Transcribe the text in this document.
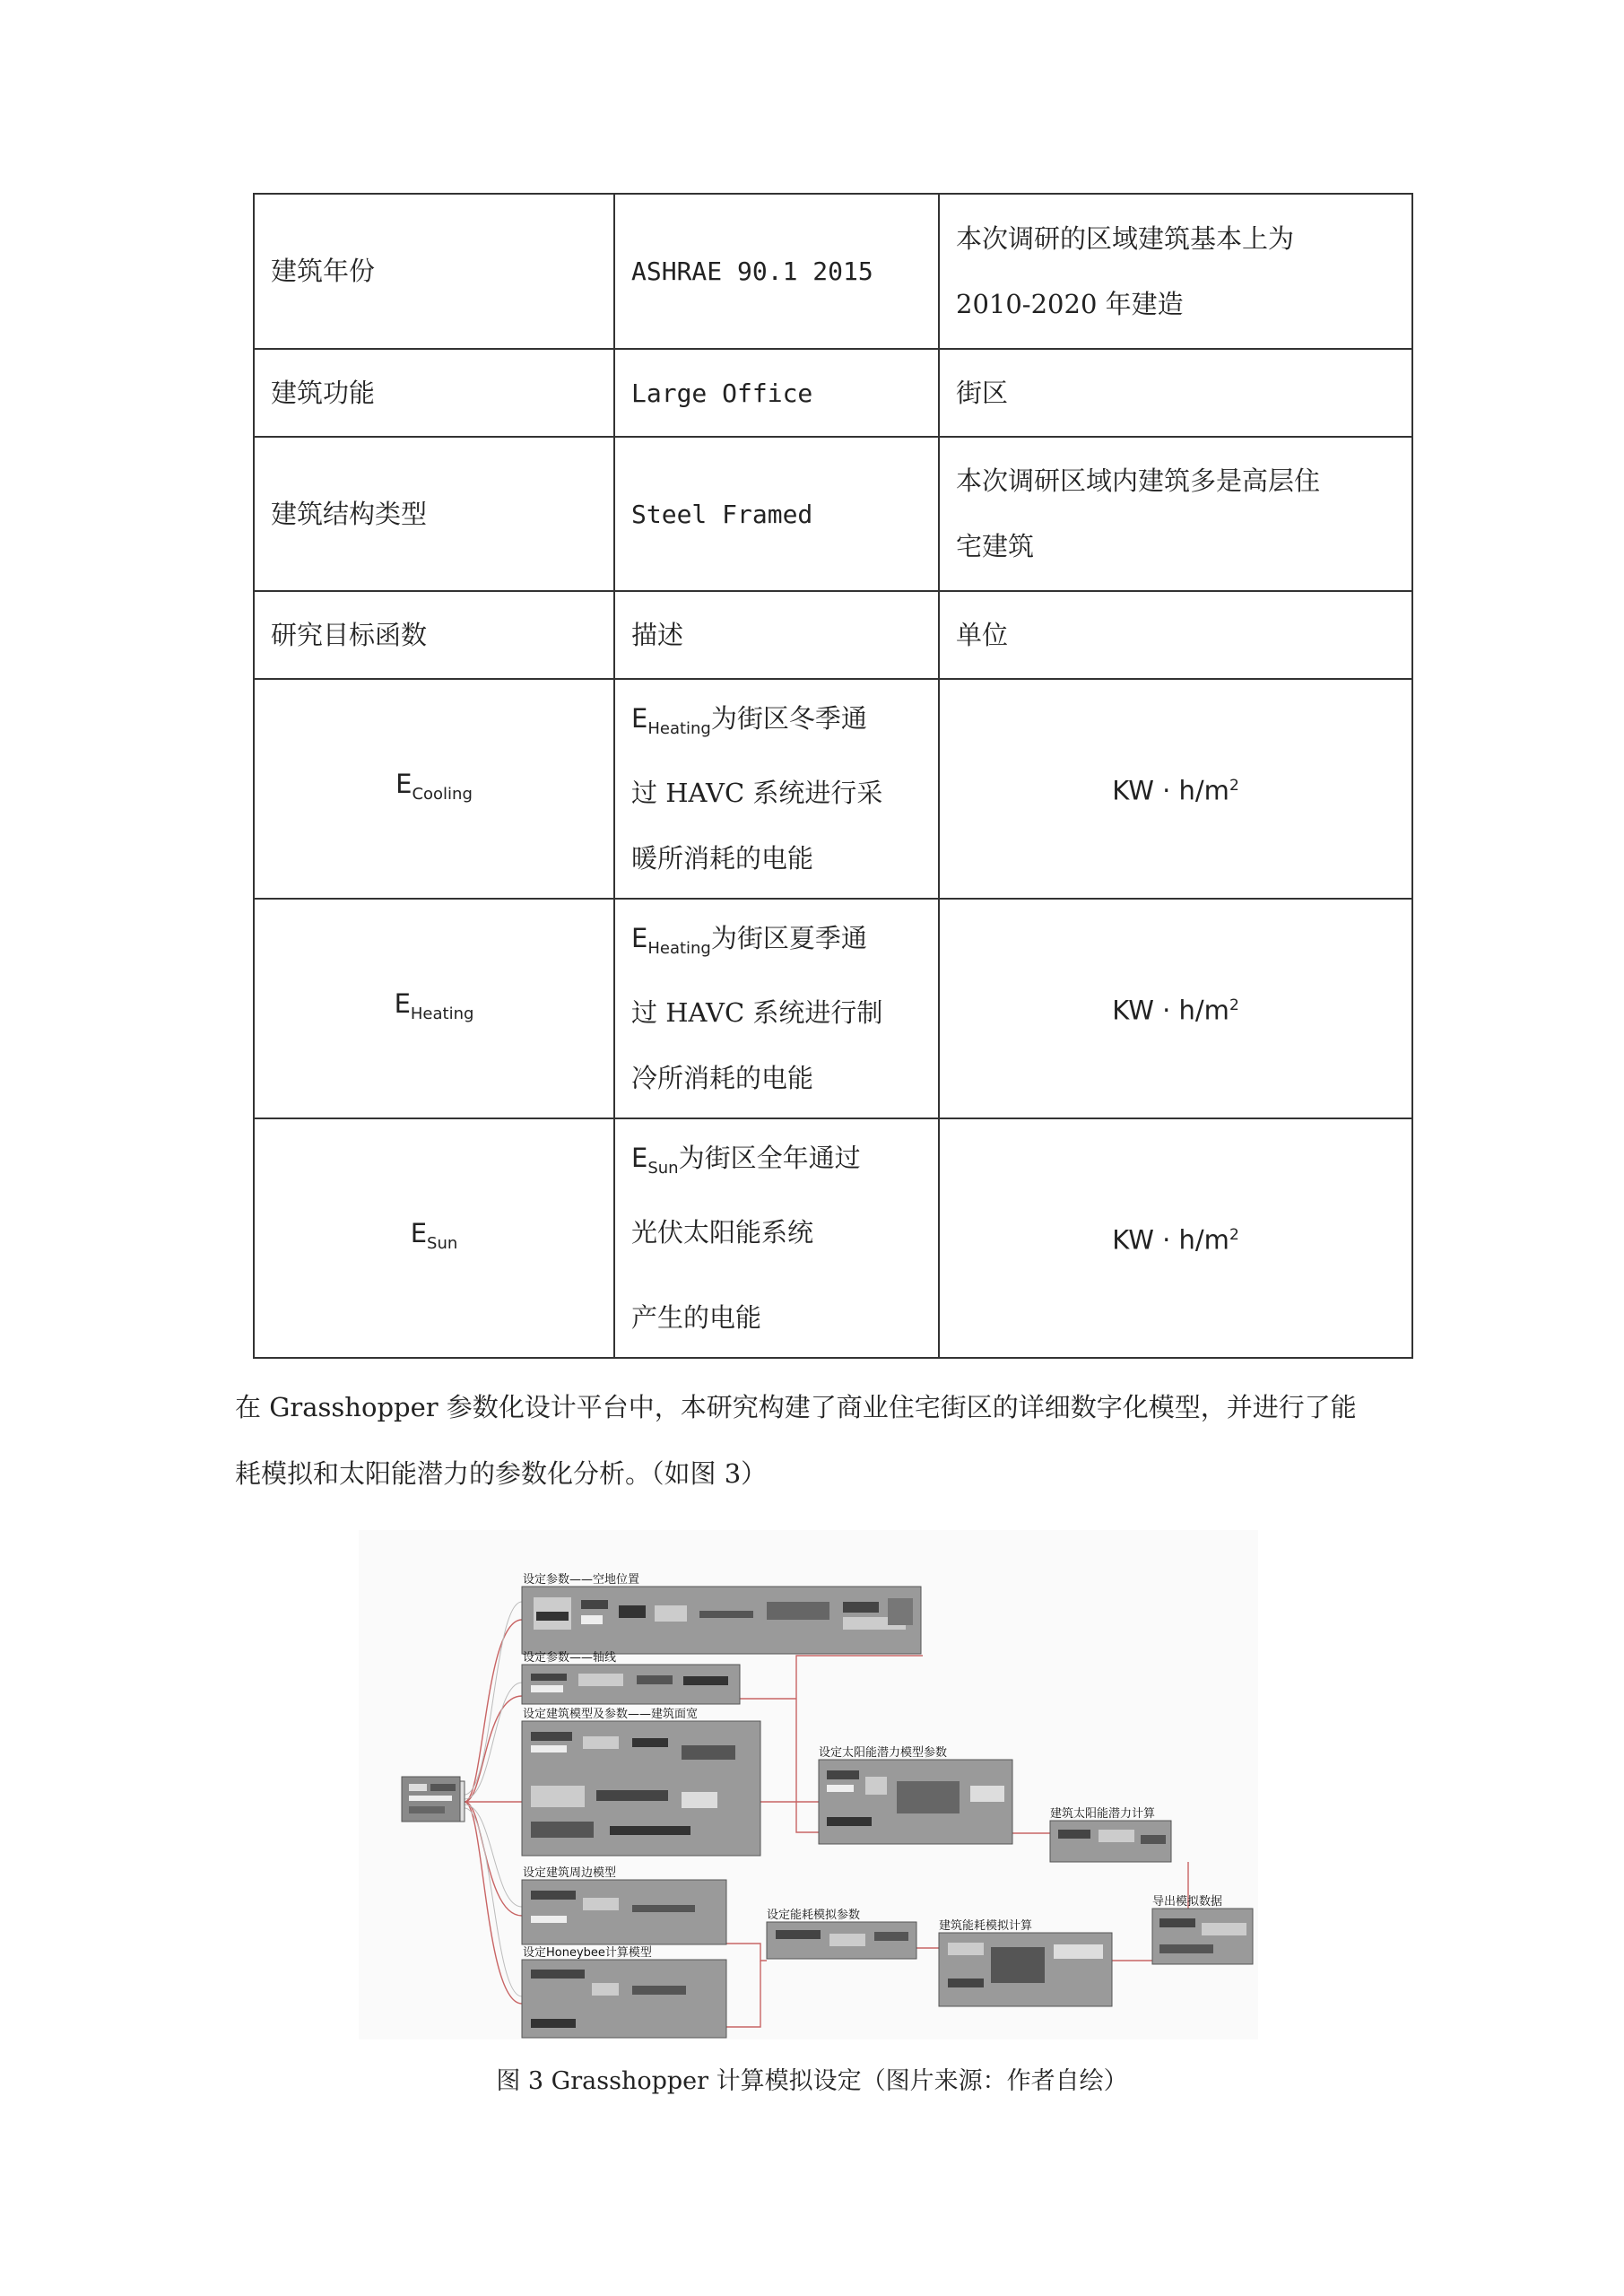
建筑年份	ASHRAE 90.1 2015	本次调研的区域建筑基本上为
2010-2020 年建造

建筑功能	Large Office	街区
建筑结构类型	Steel Framed	本次调研区域内建筑多是高层住
宅建筑

研究目标函数	描述	单位
$E_{Cooling}$	$E_{Heating}$为街区冬季通
过 HAVC 系统进行采
暖所消耗的电能	KW · $h/m^2$
$E_{Heating}$	$E_{Heating}$为街区夏季通
过 HAVC 系统进行制
冷所消耗的电能	KW · $h/m^2$
$E_{Sun}$	$E_{Sun}$为街区全年通过
光伏太阳能系统
产生的电能	KW · $h/m^2$

在 Grasshopper 参数化设计平台中，本研究构建了商业住宅街区的详细数字化模型，并进行了能

耗模拟和太阳能潜力的参数化分析。（如图 3）

设定参数——空地位置
设定参数——轴线
设定建筑模型及参数——建筑面宽
设定建筑周边模型
设定Honeybee计算模型
设定太阳能潜力模型参数
建筑太阳能潜力计算
设定能耗模拟参数
建筑能耗模拟计算
导出模拟数据
图 3 Grasshopper 计算模拟设定（图片来源：作者自绘）
